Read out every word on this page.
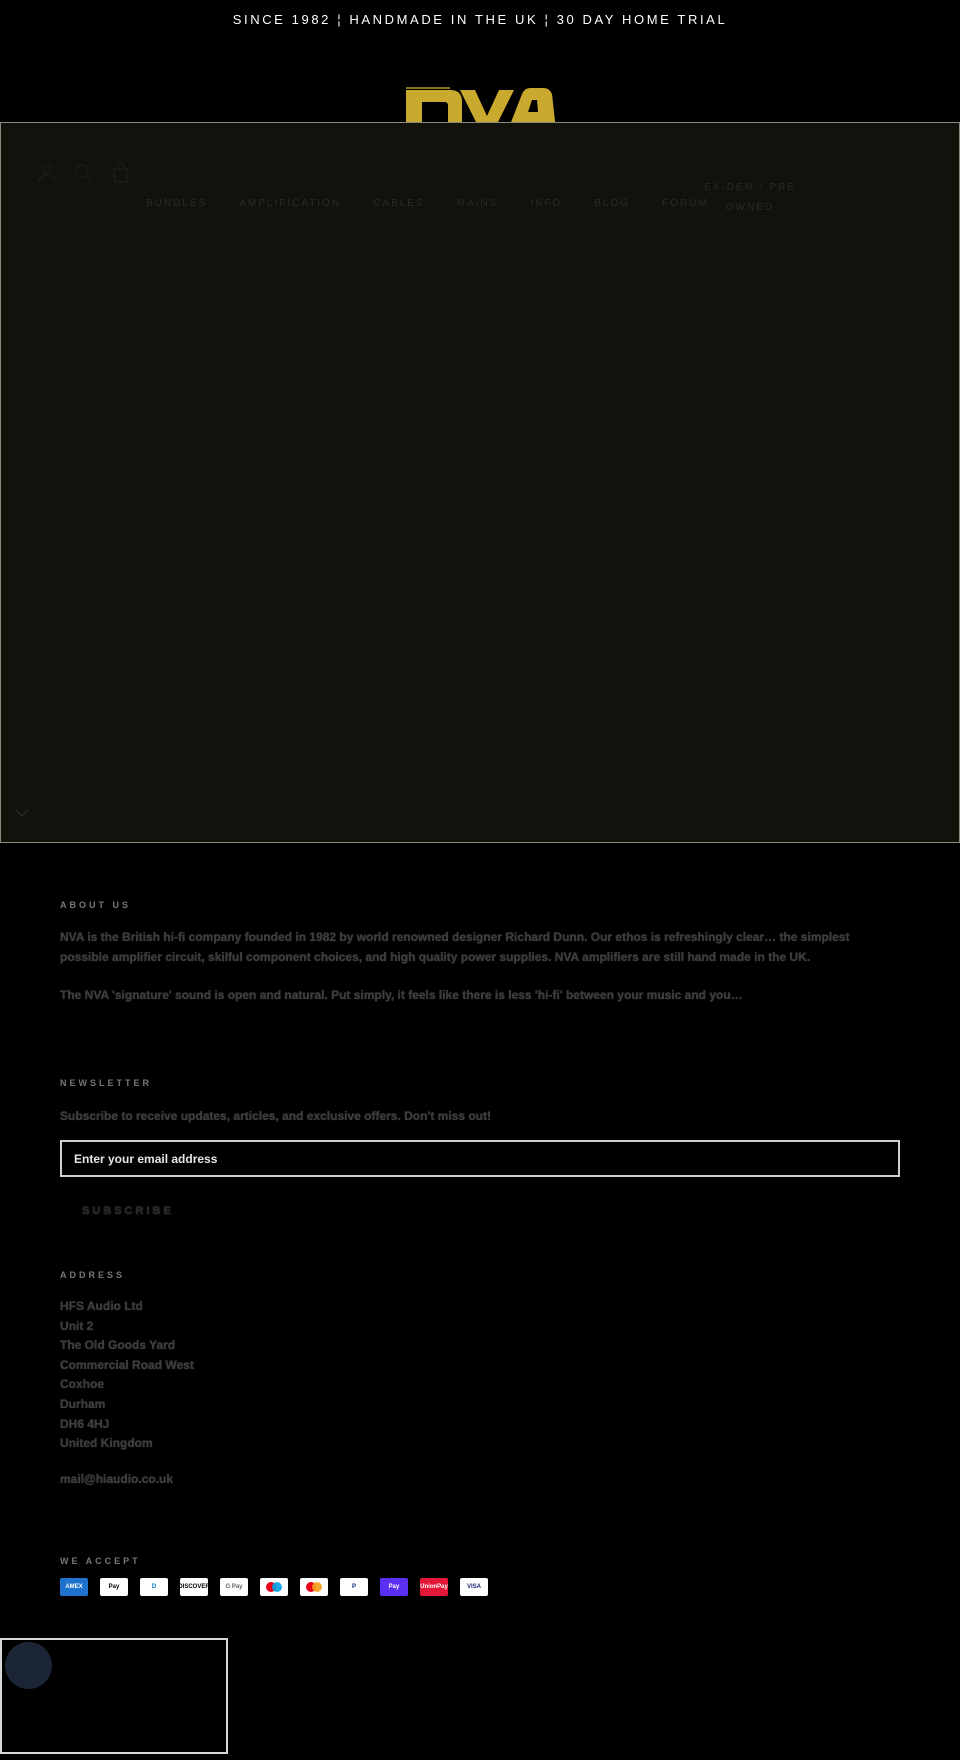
SINCE 1982 ¦ HANDMADE IN THE UK ¦ 30 DAY HOME TRIAL
BUNDLES	AMPLIFICATION	CABLES	MAINS	INFO	BLOG	FORUM
EX-DEM / PRE
OWNED
ABOUT US

NVA is the British hi-fi company founded in 1982 by world renowned designer Richard Dunn. Our ethos is refreshingly clear… the simplest possible amplifier circuit, skilful component choices, and high quality power supplies. NVA amplifiers are still hand made in the UK.

The NVA 'signature' sound is open and natural. Put simply, it feels like there is less 'hi-fi' between your music and you…

NEWSLETTER

Subscribe to receive updates, articles, and exclusive offers. Don't miss out!

Enter your email address
SUBSCRIBE
ADDRESS
HFS Audio Ltd
Unit 2
The Old Goods Yard
Commercial Road West
Coxhoe
Durham
DH6 4HJ
United Kingdom
mail@hiaudio.co.uk
WE ACCEPT
AMEX	Pay	D	DISCOVER	G Pay	P	Pay	UnionPay	VISA
